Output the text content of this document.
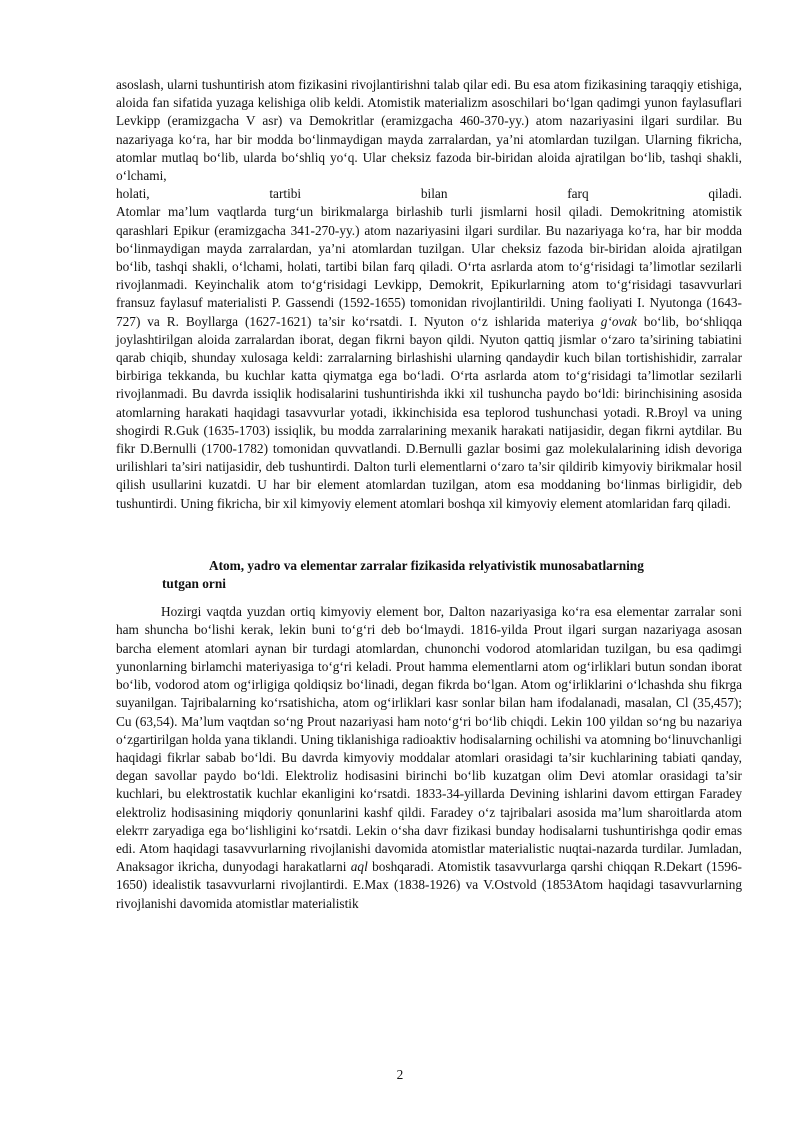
asoslash, ularni tushuntirish atom fizikasini rivojlantirishni talab qilar edi. Bu esa atom fizikasining taraqqiy etishiga, aloida fan sifatida yuzaga kelishiga olib keldi. Atomistik materializm asoschilari bo‘lgan qadimgi yunon faylasuflari Levkipp (eramizgacha V asr) va Demokritlar (eramizgacha 460-370-yy.) atom nazariyasini ilgari surdilar. Bu nazariyaga ko‘ra, har bir modda bo‘linmaydigan mayda zarralardan, ya’ni atomlardan tuzilgan. Ularning fikricha, atomlar mutlaq bo‘lib, ularda bo‘shliq yo‘q. Ular cheksiz fazoda bir-biridan aloida ajratilgan bo‘lib, tashqi shakli, o‘lchami,
holati, tartibi bilan farq qiladi.

Atomlar ma’lum vaqtlarda turg‘un birikmalarga birlashib turli jismlarni hosil qiladi. Demokritning atomistik qarashlari Epikur (eramizgacha 341-270-yy.) atom nazariyasini ilgari surdilar. Bu nazariyaga ko‘ra, har bir modda bo‘linmaydigan mayda zarralardan, ya’ni atomlardan tuzilgan. Ular cheksiz fazoda bir-biridan aloida ajratilgan bo‘lib, tashqi shakli, o‘lchami, holati, tartibi bilan farq qiladi. O‘rta asrlarda atom to‘g‘risidagi ta’limotlar sezilarli rivojlanmadi. Keyinchalik atom to‘g‘risidagi Levkipp, Demokrit, Epikurlarning atom to‘g‘risidagi tasavvurlari fransuz faylasuf materialisti P. Gassendi (1592-1655) tomonidan rivojlantirildi. Uning faoliyati I. Nyutonga (1643- 727) va R. Boyllarga (1627-1621) ta’sir ko‘rsatdi. I. Nyuton o‘z ishlarida materiya g‘ovak bo‘lib, bo‘shliqqa joylashtirilgan aloida zarralardan iborat, degan fikrni bayon qildi. Nyuton qattiq jismlar o‘zaro ta’sirining tabiatini qarab chiqib, shunday xulosaga keldi: zarralarning birlashishi ularning qandaydir kuch bilan tortishishidir, zarralar birbiriga tekkanda, bu kuchlar katta qiymatga ega bo‘ladi. O‘rta asrlarda atom to‘g‘risidagi ta’limotlar sezilarli rivojlanmadi. Bu davrda issiqlik hodisalarini tushuntirishda ikki xil tushuncha paydo bo‘ldi: birinchisining asosida atomlarning harakati haqidagi tasavvurlar yotadi, ikkinchisida esa teplorod tushunchasi yotadi. R.Broyl va uning shogirdi R.Guk (1635-1703) issiqlik, bu modda zarralarining mexanik harakati natijasidir, degan fikrni aytdilar. Bu fikr D.Bernulli (1700-1782) tomonidan quvvatlandi. D.Bernulli gazlar bosimi gaz molekulalarining idish devoriga urilishlari ta’siri natijasidir, deb tushuntirdi. Dalton turli elementlarni o‘zaro ta’sir qildirib kimyoviy birikmalar hosil qilish usullarini kuzatdi. U har bir element atomlardan tuzilgan, atom esa moddaning bo‘linmas birligidir, deb tushuntirdi. Uning fikricha, bir xil kimyoviy element atomlari boshqa xil kimyoviy element atomlaridan farq qiladi.

Atom, yadro va elementar zarralar fizikasida relyativistik munosabatlarning
tutgan orni

Hozirgi vaqtda yuzdan ortiq kimyoviy element bor, Dalton nazariyasiga ko‘ra esa elementar zarralar soni ham shuncha bo‘lishi kerak, lekin buni to‘g‘ri deb bo‘lmaydi. 1816-yilda Prout ilgari surgan nazariyaga asosan barcha element atomlari aynan bir turdagi atomlardan, chunonchi vodorod atomlaridan tuzilgan, bu esa qadimgi yunonlarning birlamchi materiyasiga to‘g‘ri keladi. Prout hamma elementlarni atom og‘irliklari butun sondan iborat bo‘lib, vodorod atom og‘irligiga qoldiqsiz bo‘linadi, degan fikrda bo‘lgan. Atom og‘irliklarini o‘lchashda shu fikrga suyanilgan. Tajribalarning ko‘rsatishicha, atom og‘irliklari kasr sonlar bilan ham ifodalanadi, masalan, Cl (35,457); Cu (63,54). Ma’lum vaqtdan so‘ng Prout nazariyasi ham noto‘g‘ri bo‘lib chiqdi. Lekin 100 yildan so‘ng bu nazariya o‘zgartirilgan holda yana tiklandi. Uning tiklanishiga radioaktiv hodisalarning ochilishi va atomning bo‘linuvchanligi haqidagi fikrlar sabab bo‘ldi. Bu davrda kimyoviy moddalar atomlari orasidagi ta’sir kuchlarining tabiati qanday, degan savollar paydo bo‘ldi. Elektroliz hodisasini birinchi bo‘lib kuzatgan olim Devi atomlar orasidagi ta’sir kuchlari, bu elektrostatik kuchlar ekanligini ko‘rsatdi. 1833-34-yillarda Devining ishlarini davom ettirgan Faradey elektroliz hodisasining miqdoriy qonunlarini kashf qildi. Faradey o‘z tajribalari asosida ma’lum sharoitlarda atom elekтr zaryadiga ega bo‘lishligini ko‘rsatdi. Lekin o‘sha davr fizikasi bunday hodisalarni tushuntirishga qodir emas edi. Atom haqidagi tasavvurlarning rivojlanishi davomida atomistlar materialistic nuqtai-nazarda turdilar. Jumladan, Anaksagor ikricha, dunyodagi harakatlarni aql boshqaradi. Atomistik tasavvurlarga qarshi chiqqan R.Dekart (1596-1650) idealistik tasavvurlarni rivojlantirdi. E.Max (1838-1926) va V.Ostvold (1853Atom haqidagi tasavvurlarning rivojlanishi davomida atomistlar materialistik

2
